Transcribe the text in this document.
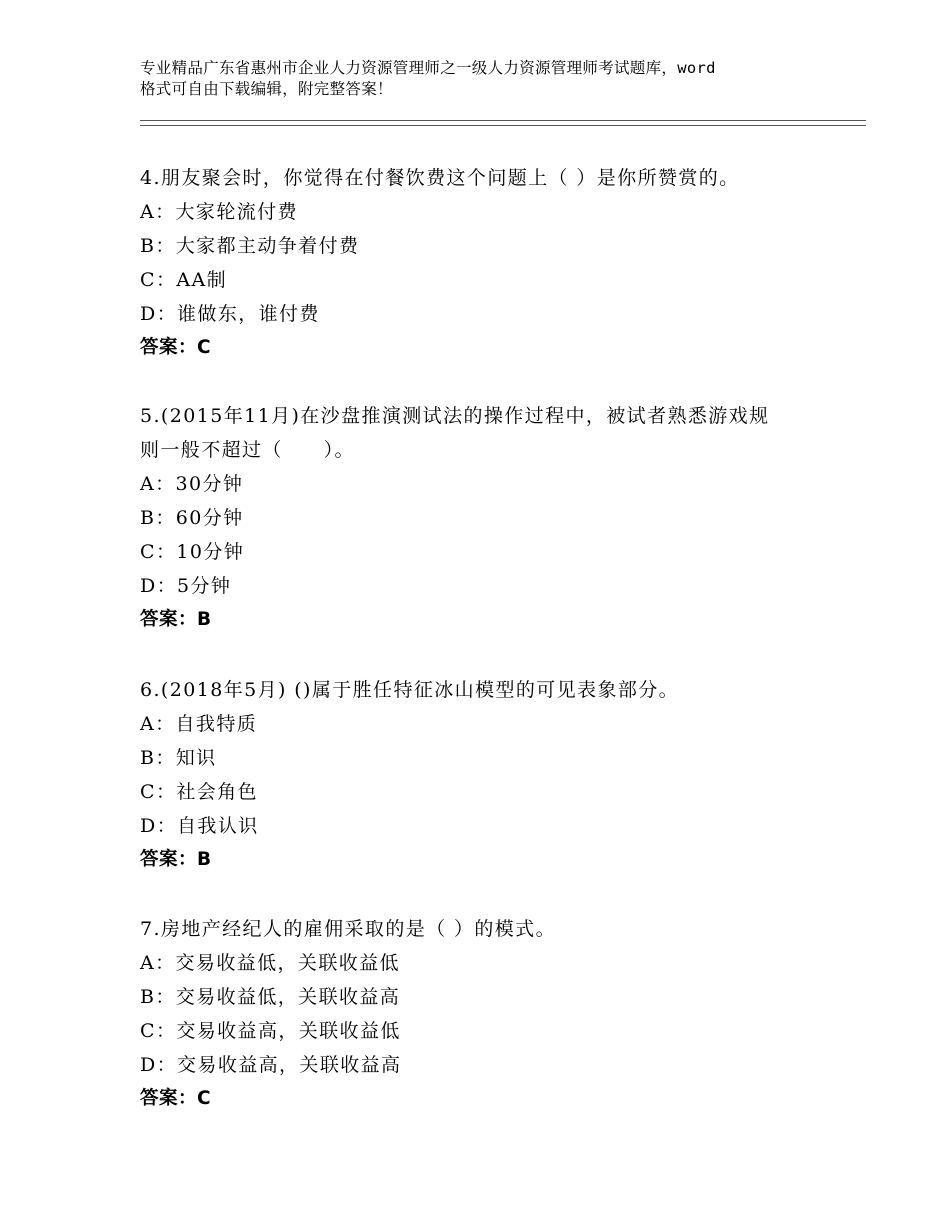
专业精品广东省惠州市企业人力资源管理师之一级人力资源管理师考试题库，word
格式可自由下载编辑，附完整答案！
4.朋友聚会时，你觉得在付餐饮费这个问题上（ ）是你所赞赏的。
A：大家轮流付费
B：大家都主动争着付费
C：AA制
D：谁做东，谁付费
答案：C
5.(2015年11月)在沙盘推演测试法的操作过程中，被试者熟悉游戏规
则一般不超过（　　）。
A：30分钟
B：60分钟
C：10分钟
D：5分钟
答案：B
6.(2018年5月) ()属于胜任特征冰山模型的可见表象部分。
A：自我特质
B：知识
C：社会角色
D：自我认识
答案：B
7.房地产经纪人的雇佣采取的是（ ）的模式。
A：交易收益低，关联收益低
B：交易收益低，关联收益高
C：交易收益高，关联收益低
D：交易收益高，关联收益高
答案：C
